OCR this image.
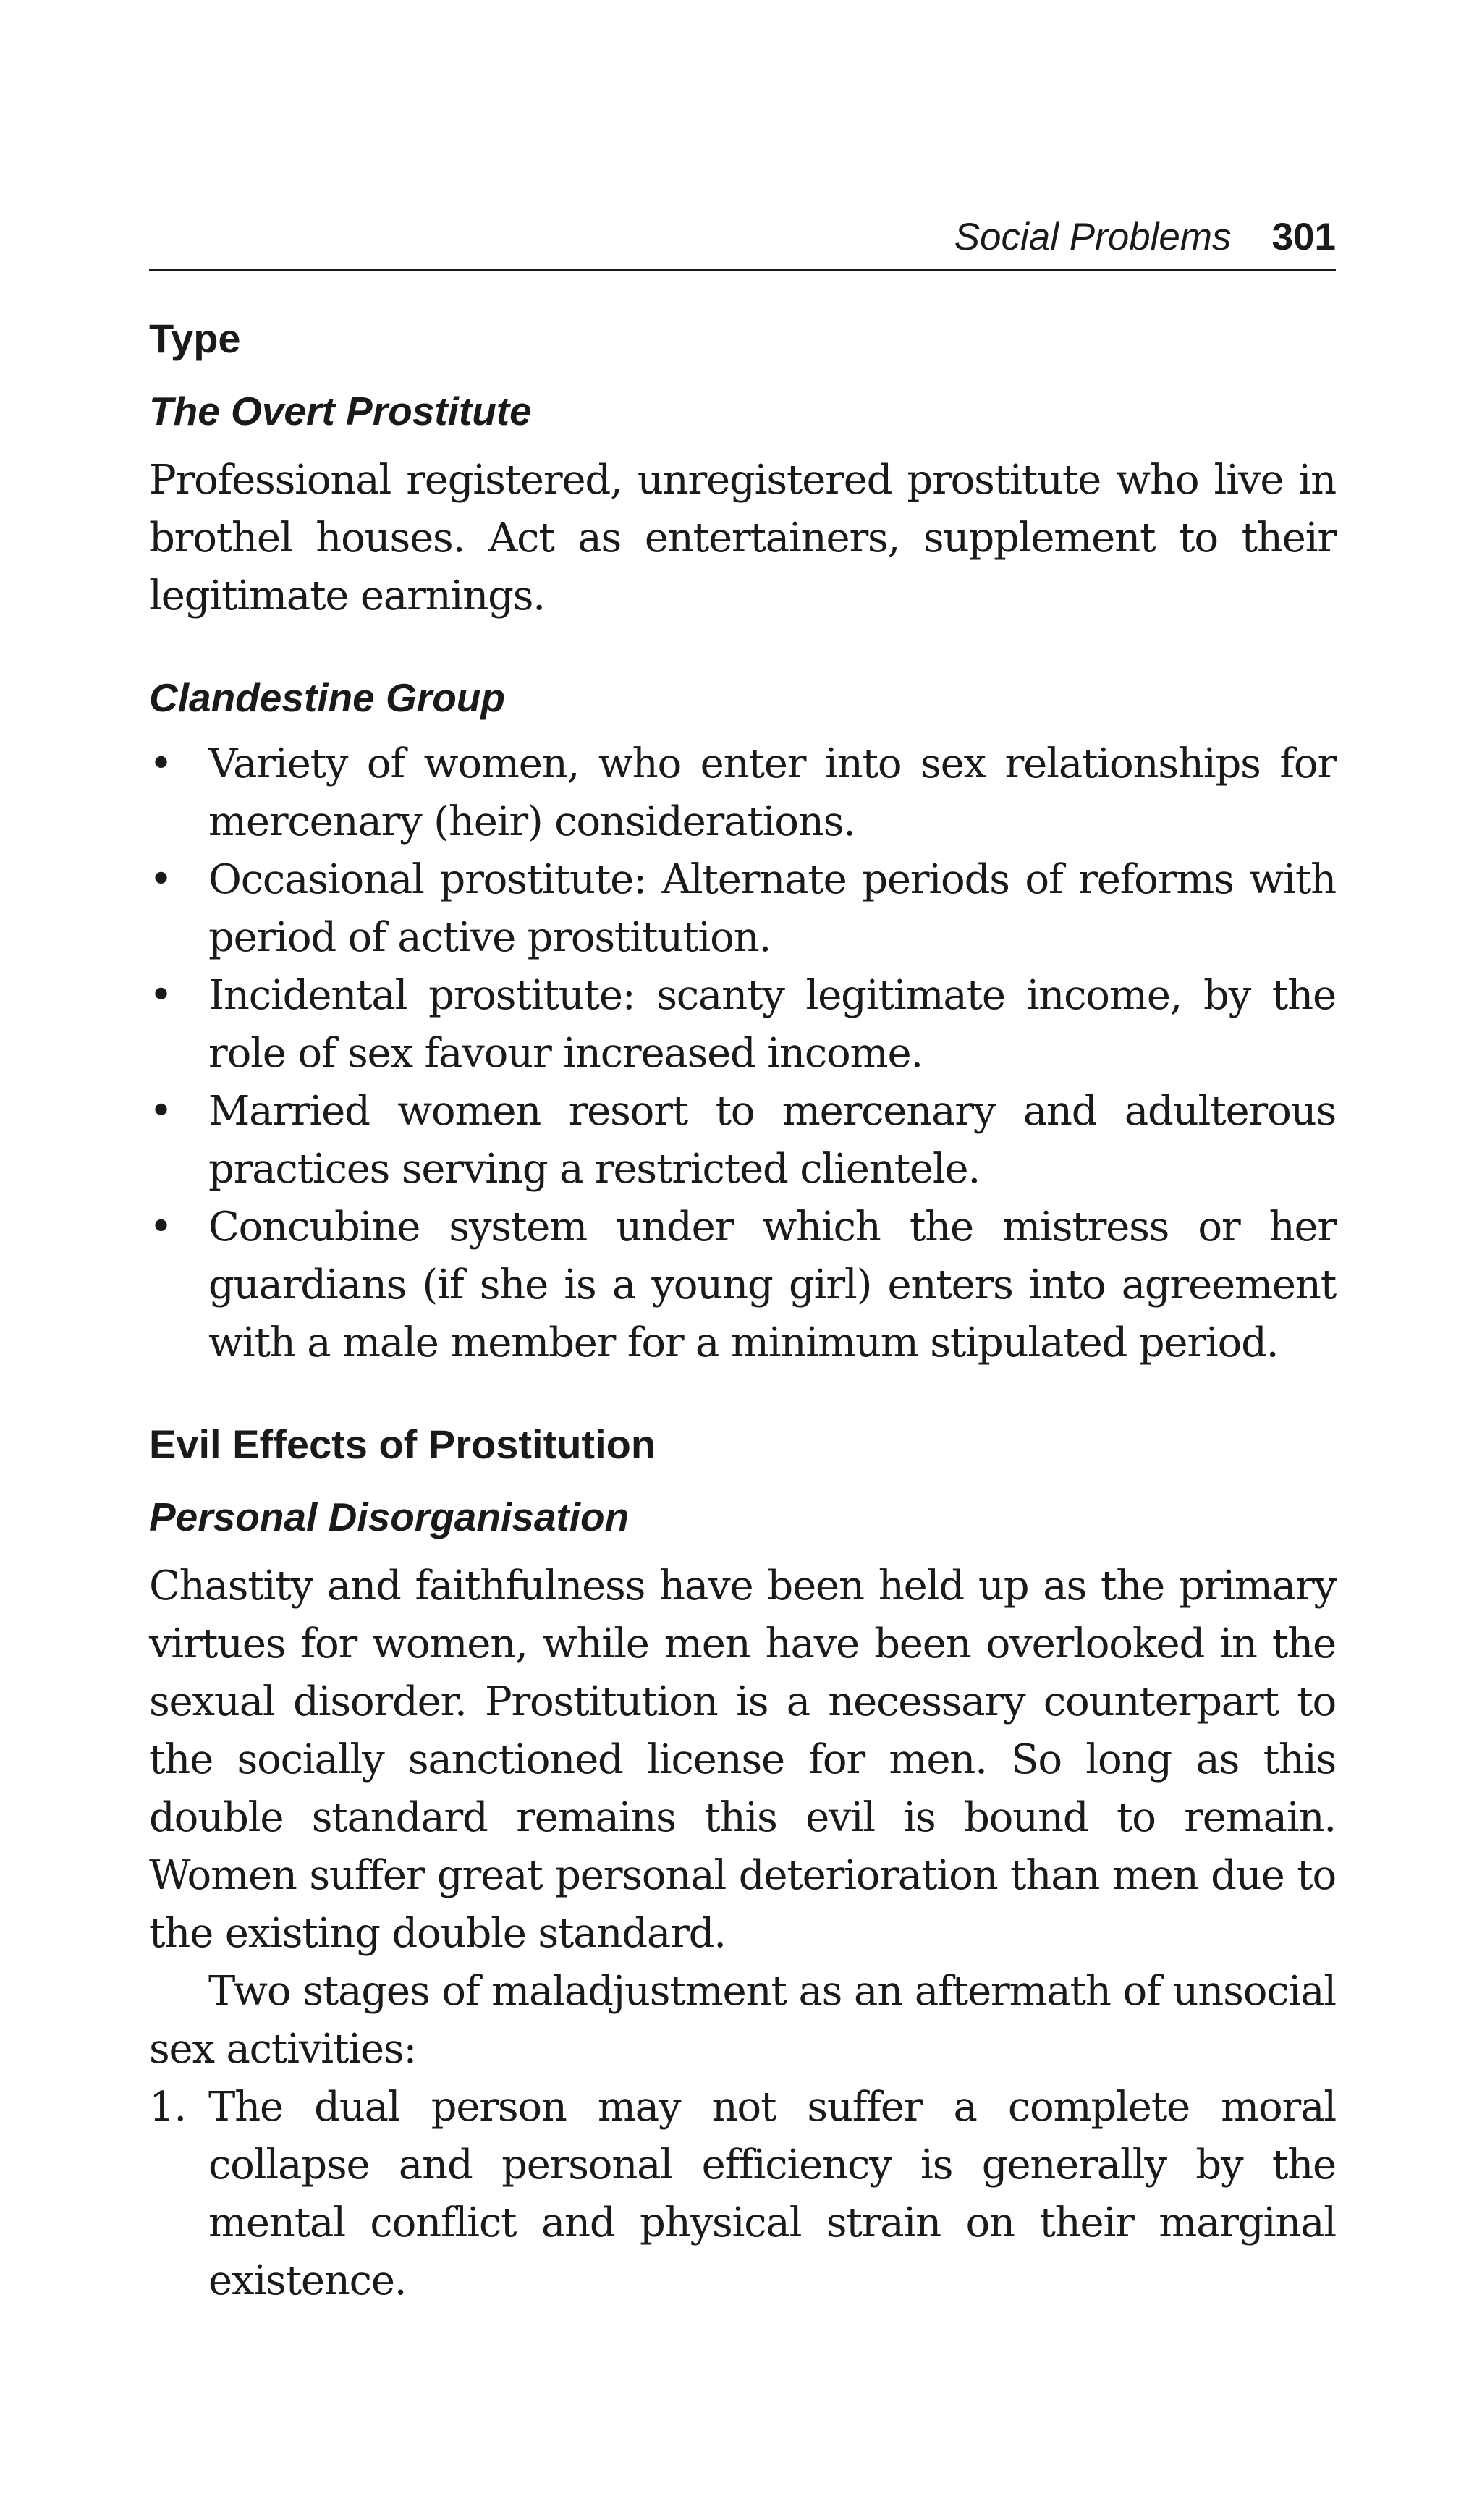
Social Problems 301
Type
The Overt Prostitute

Professional registered, unregistered prostitute who live in brothel houses. Act as entertainers, supplement to their legitimate earnings.

Clandestine Group
• Variety of women, who enter into sex relationships for mercenary (heir) considerations.
• Occasional prostitute: Alternate periods of reforms with period of active prostitution.
• Incidental prostitute: scanty legitimate income, by the role of sex favour increased income.
• Married women resort to mercenary and adulterous practices serving a restricted clientele.
• Concubine system under which the mistress or her guardians (if she is a young girl) enters into agreement with a male member for a minimum stipulated period.
Evil Effects of Prostitution
Personal Disorganisation

Chastity and faithfulness have been held up as the primary virtues for women, while men have been overlooked in the sexual disorder. Prostitution is a necessary counterpart to the socially sanctioned license for men. So long as this double standard remains this evil is bound to remain. Women suffer great personal deterioration than men due to the existing double standard.

Two stages of maladjustment as an aftermath of unsocial sex activities:

1. The dual person may not suffer a complete moral collapse and personal efficiency is generally by the mental conflict and physical strain on their marginal existence.
